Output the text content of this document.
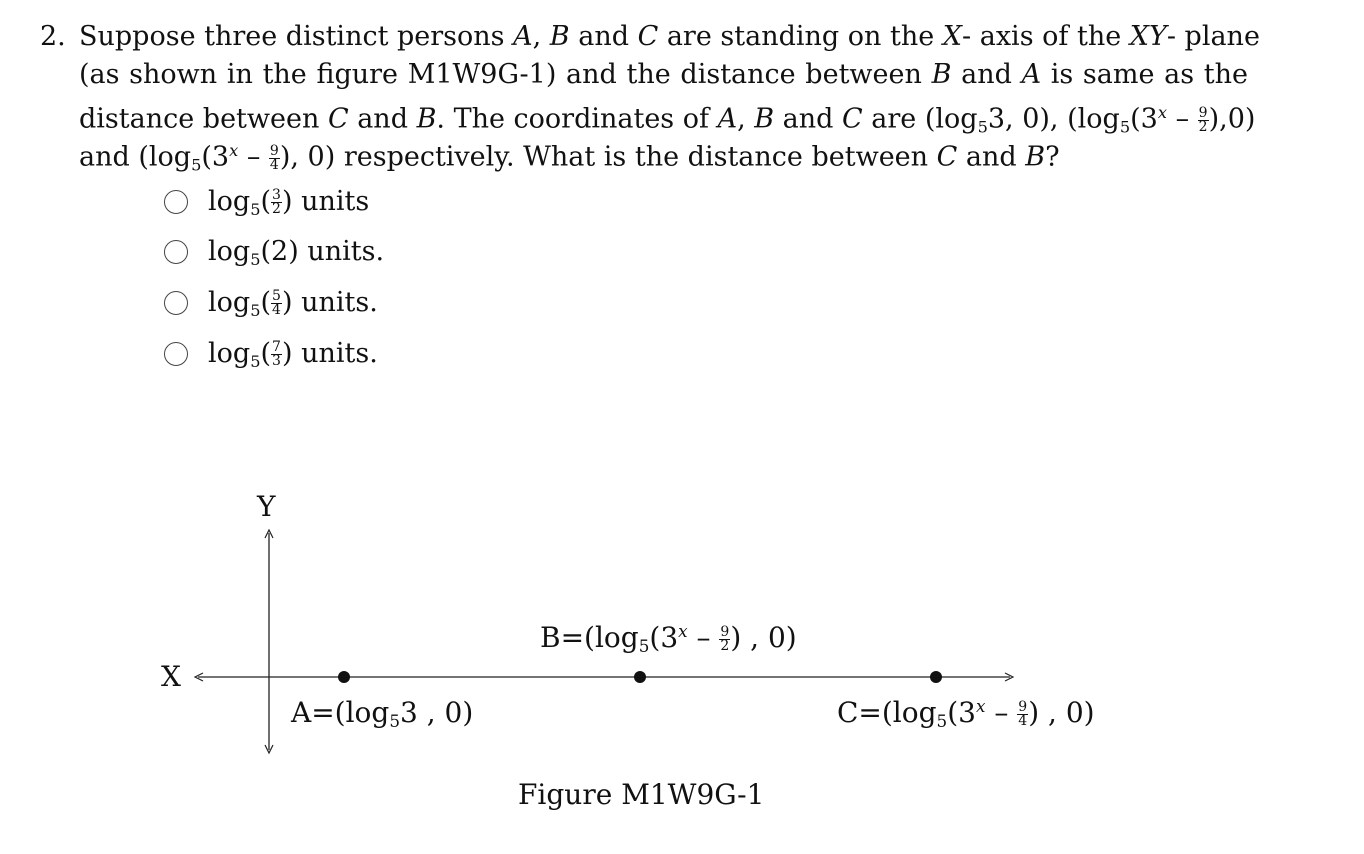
2. Suppose three distinct persons A, B and C are standing on the X- axis of the XY- plane
(as shown in the figure M1W9G-1) and the distance between B and A is same as the
distance between C and B. The coordinates of A, B and C are ($\log_53$, 0), $(\log_5(3^x - \frac{9}{2} ),0)$
and ($\log_5(3^x - \frac{9}{4}$ ), 0) respectively. What is the distance between C and B?
$\log_5( \frac{3}{2}$ ) units
$\log_5(2)$ units.
$\log_5( \frac{5}{4}$ ) units.
$\log_5( \frac{7}{3}$ ) units.
Y
X
$B=(\log_5(3^x - \frac{9}{2}$ ) , 0)
$A=(\log_53$ , 0)	$C=(\log_5(3^x - \frac{9}{4}$ ) , 0)
Figure M1W9G-1
